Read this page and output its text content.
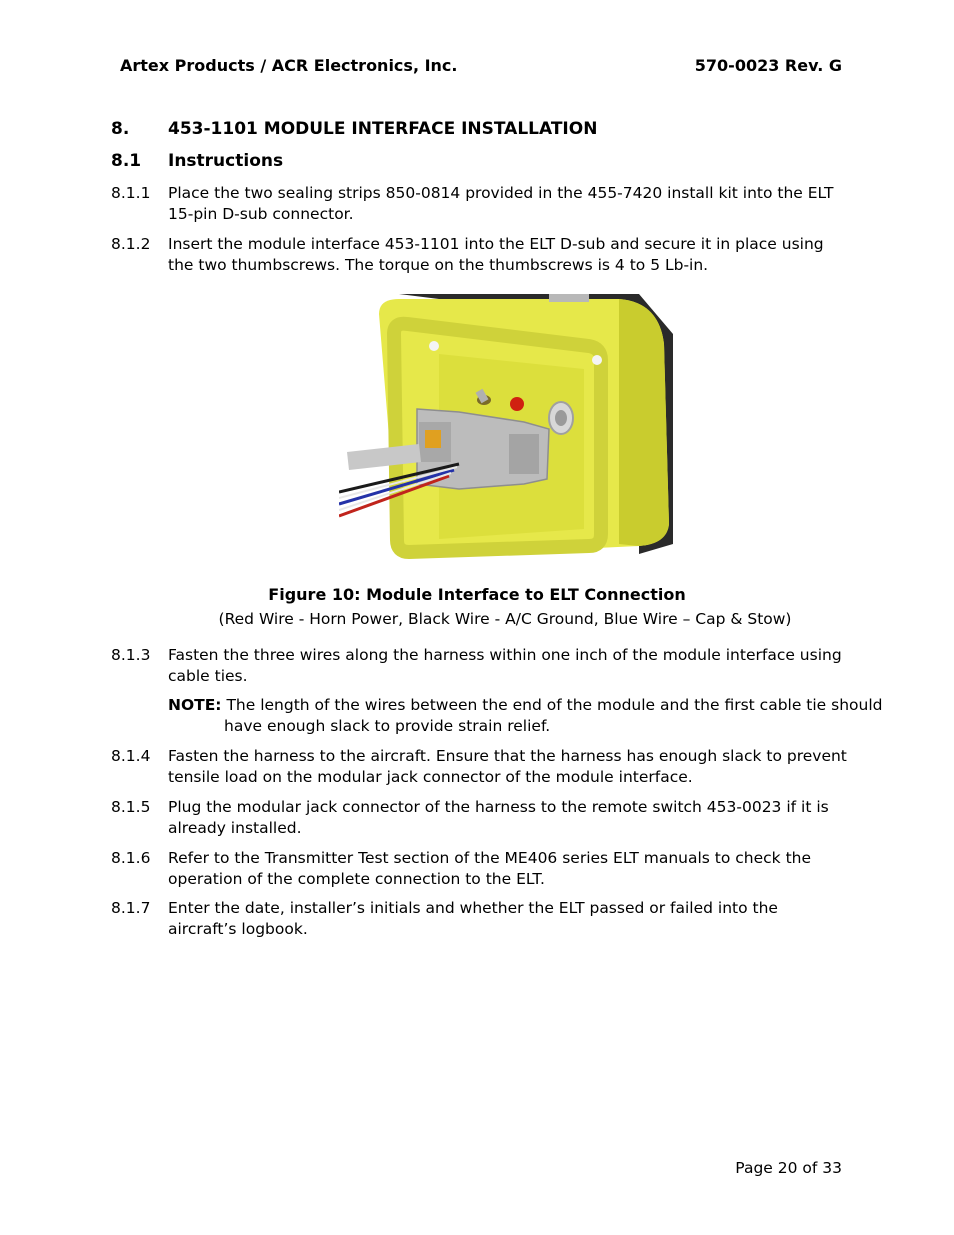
Artex Products / ACR Electronics, Inc.	570-0023 Rev. G
8. 453-1101 MODULE INTERFACE INSTALLATION
8.1 Instructions
8.1.1 Place the two sealing strips 850-0814 provided in the 455-7420 install kit into the ELT 15-pin D-sub connector.
8.1.2 Insert the module interface 453-1101 into the ELT D-sub and secure it in place using the two thumbscrews. The torque on the thumbscrews is 4 to 5 Lb-in.
Figure 10: Module Interface to ELT Connection
(Red Wire - Horn Power, Black Wire - A/C Ground, Blue Wire – Cap & Stow)
8.1.3 Fasten the three wires along the harness within one inch of the module interface using cable ties.
NOTE: The length of the wires between the end of the module and the first cable tie should have enough slack to provide strain relief.
8.1.4 Fasten the harness to the aircraft. Ensure that the harness has enough slack to prevent tensile load on the modular jack connector of the module interface.
8.1.5 Plug the modular jack connector of the harness to the remote switch 453-0023 if it is already installed.
8.1.6 Refer to the Transmitter Test section of the ME406 series ELT manuals to check the operation of the complete connection to the ELT.
8.1.7 Enter the date, installer’s initials and whether the ELT passed or failed into the aircraft’s logbook.
Page 20 of 33
